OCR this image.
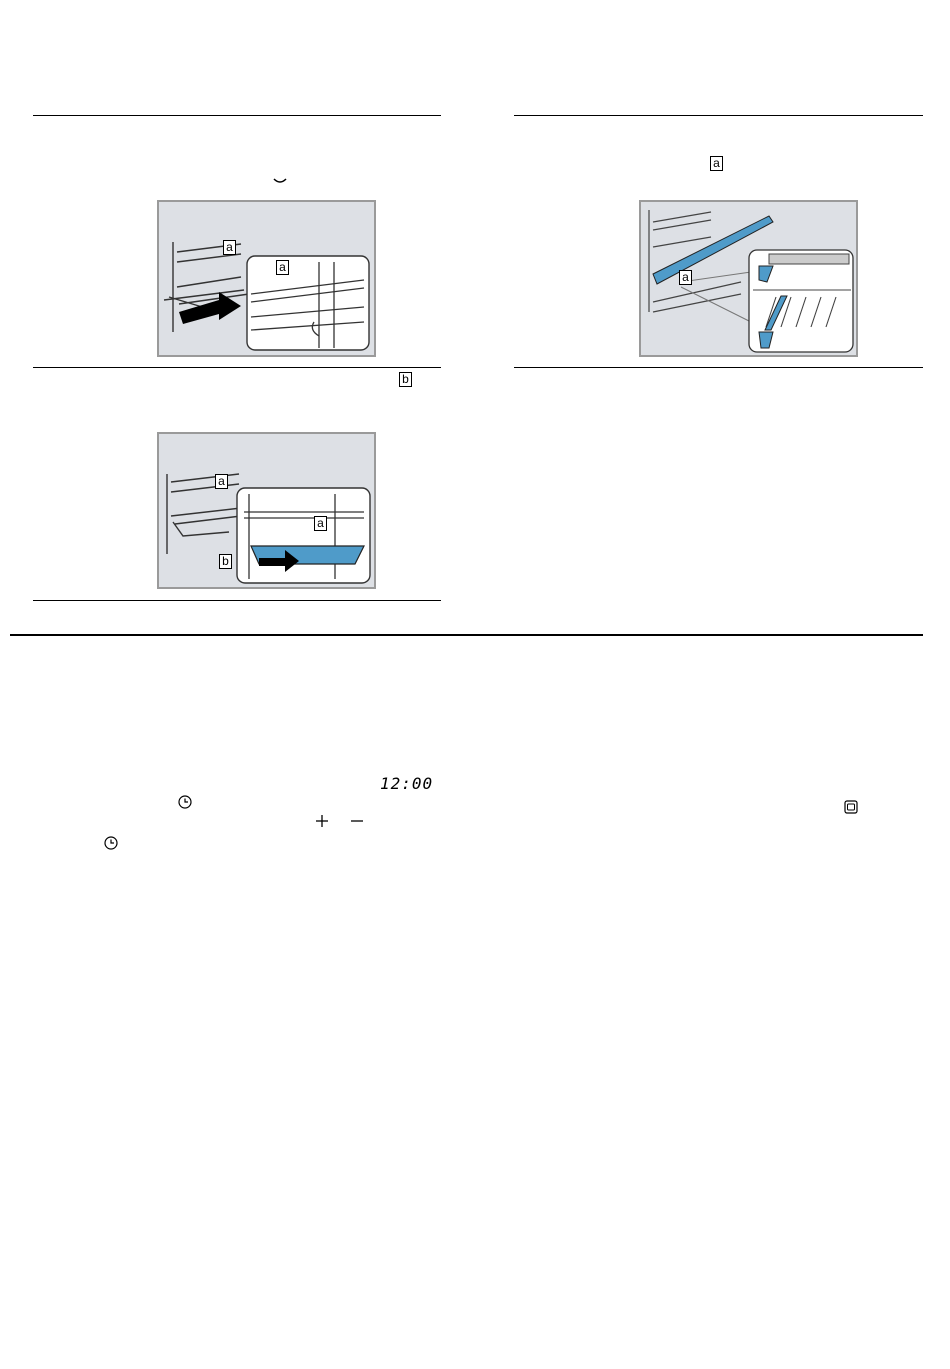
a
a
b
a
a
b
a
a
12:00
